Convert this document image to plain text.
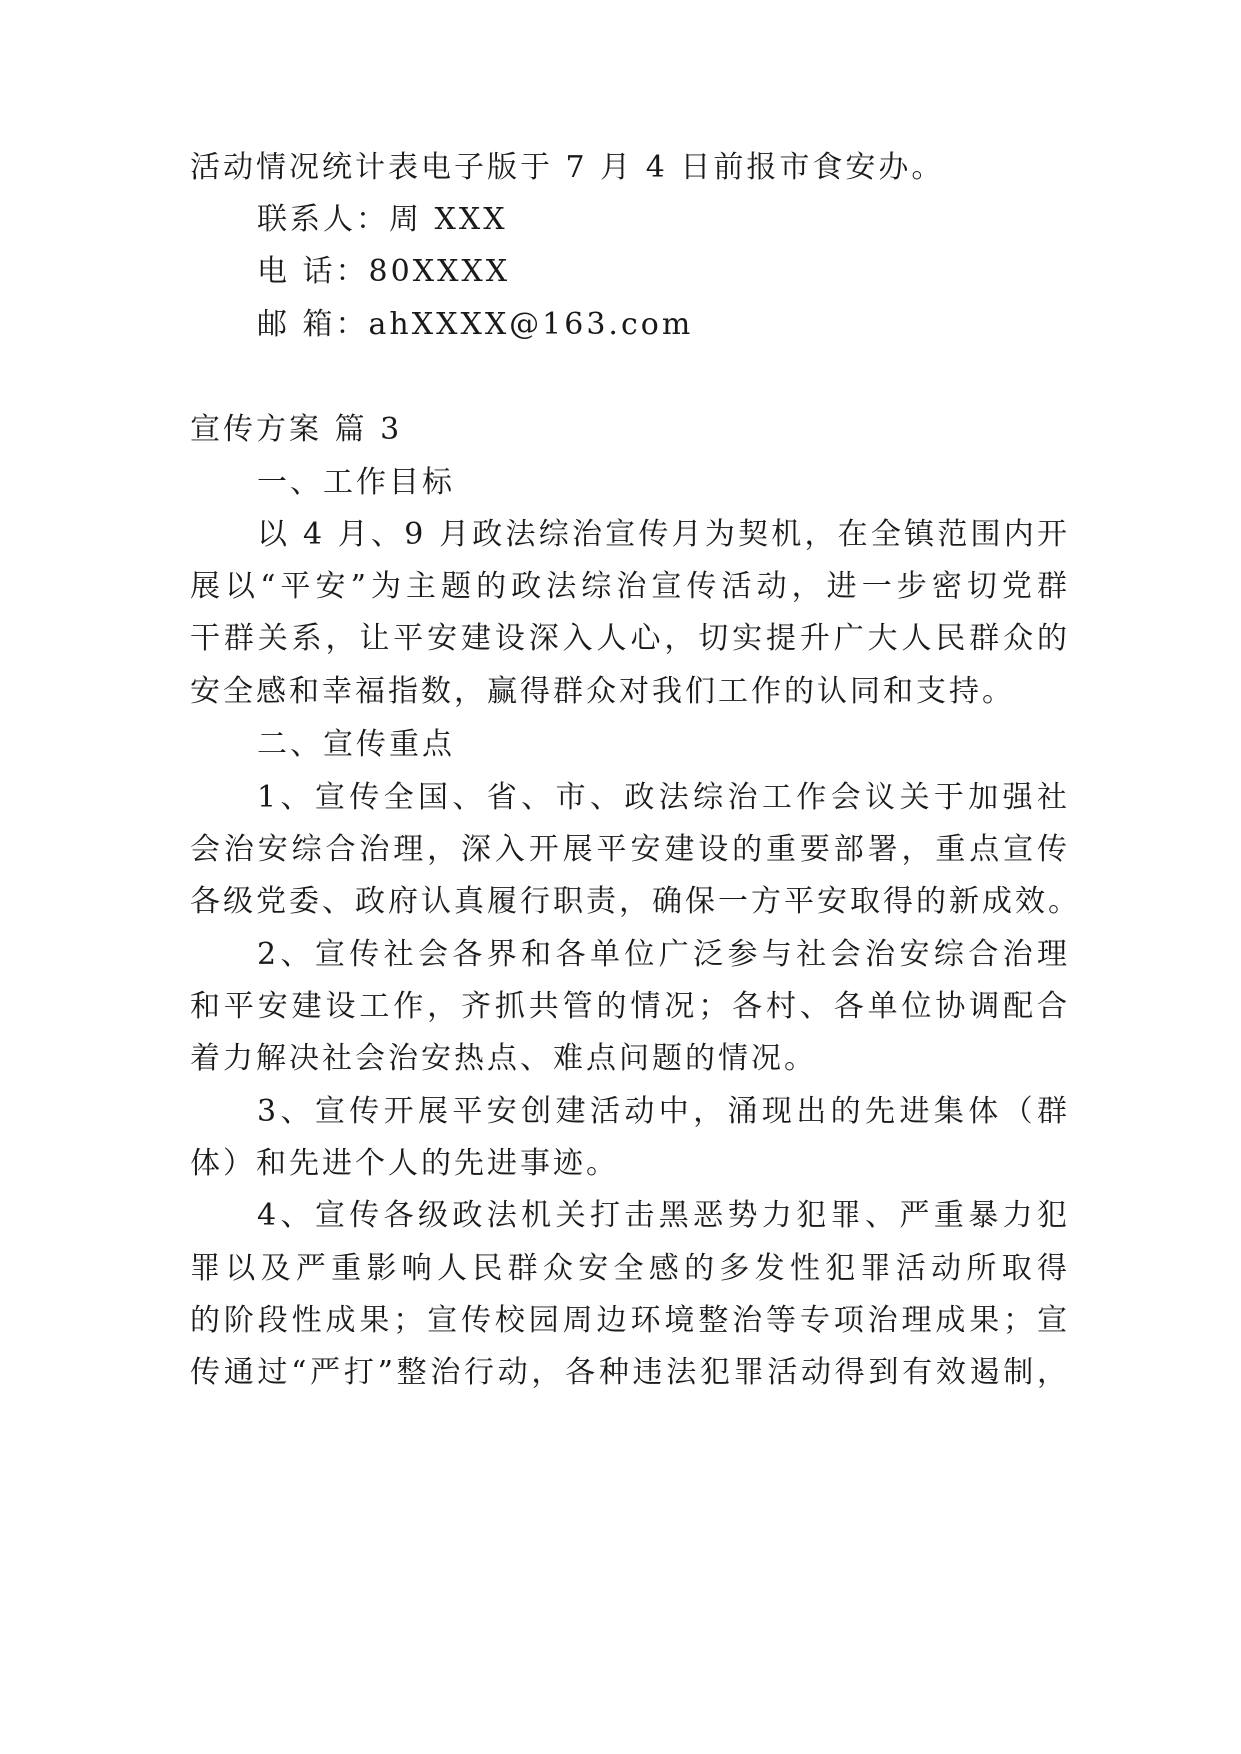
活动情况统计表电子版于 7 月 4 日前报市食安办。
联系人：周 XXX
电 话：80XXXX
邮 箱：ahXXXX@163.com
宣传方案 篇 3
一、工作目标
以 4 月、9 月政法综治宣传月为契机，在全镇范围内开
展以“平安”为主题的政法综治宣传活动，进一步密切党群
干群关系，让平安建设深入人心，切实提升广大人民群众的
安全感和幸福指数，赢得群众对我们工作的认同和支持。
二、宣传重点
1、宣传全国、省、市、政法综治工作会议关于加强社
会治安综合治理，深入开展平安建设的重要部署，重点宣传
各级党委、政府认真履行职责，确保一方平安取得的新成效。
2、宣传社会各界和各单位广泛参与社会治安综合治理
和平安建设工作，齐抓共管的情况；各村、各单位协调配合
着力解决社会治安热点、难点问题的情况。
3、宣传开展平安创建活动中，涌现出的先进集体（群
体）和先进个人的先进事迹。
4、宣传各级政法机关打击黑恶势力犯罪、严重暴力犯
罪以及严重影响人民群众安全感的多发性犯罪活动所取得
的阶段性成果；宣传校园周边环境整治等专项治理成果；宣
传通过“严打”整治行动，各种违法犯罪活动得到有效遏制，
